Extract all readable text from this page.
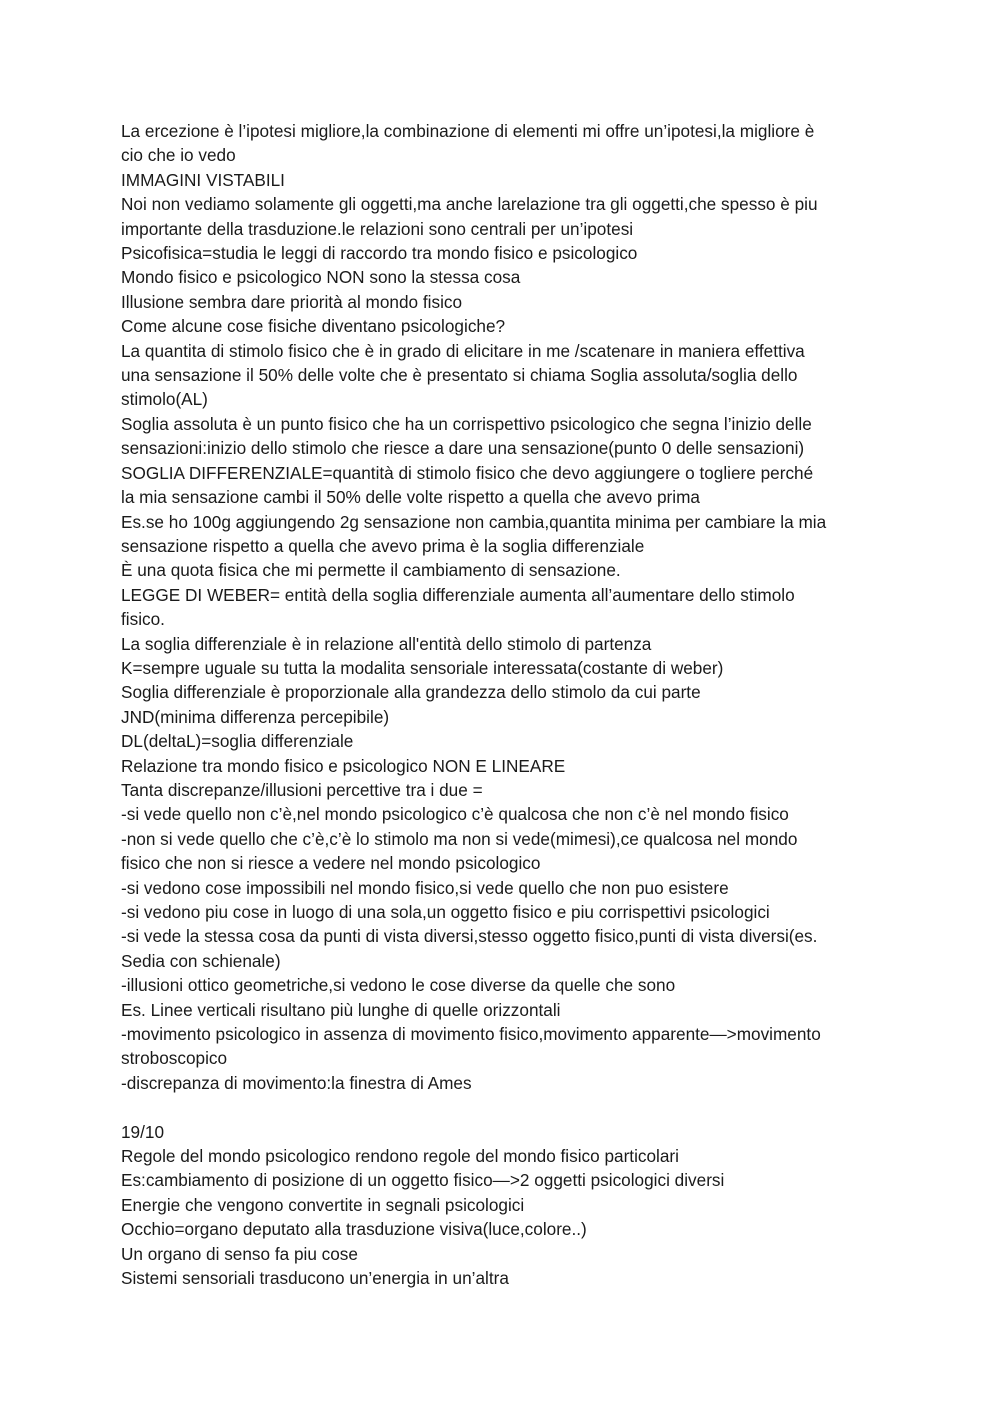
La ercezione è l’ipotesi migliore,la combinazione di elementi mi offre un’ipotesi,la migliore è
cio che io vedo
IMMAGINI VISTABILI
Noi non vediamo solamente gli oggetti,ma anche larelazione tra gli oggetti,che spesso è piu
importante della trasduzione.le relazioni sono centrali per un’ipotesi
Psicofisica=studia le leggi di raccordo tra mondo fisico e psicologico
Mondo fisico e psicologico NON sono la stessa cosa
Illusione sembra dare priorità al mondo fisico
Come alcune cose fisiche diventano psicologiche?
La quantita di stimolo fisico che è in grado di elicitare in me /scatenare in maniera effettiva
una sensazione il 50% delle volte che è presentato si chiama Soglia assoluta/soglia dello
stimolo(AL)
Soglia assoluta è un punto fisico che ha un corrispettivo psicologico che segna l’inizio delle
sensazioni:inizio dello stimolo che riesce a dare una sensazione(punto 0 delle sensazioni)
SOGLIA DIFFERENZIALE=quantità di stimolo fisico che devo aggiungere o togliere perché
la mia sensazione cambi il 50% delle volte rispetto a quella che avevo prima
Es.se ho 100g aggiungendo 2g sensazione non cambia,quantita minima per cambiare la mia
sensazione rispetto a quella che avevo prima è la soglia differenziale
È una quota fisica che mi permette il cambiamento di sensazione.
LEGGE DI WEBER= entità della soglia differenziale aumenta all’aumentare dello stimolo
fisico.
La soglia differenziale è in relazione all'entità dello stimolo di partenza
K=sempre uguale su tutta la modalita sensoriale interessata(costante di weber)
Soglia differenziale è proporzionale alla grandezza dello stimolo da cui parte
JND(minima differenza percepibile)
DL(deltaL)=soglia differenziale
Relazione tra mondo fisico e psicologico NON E LINEARE
Tanta discrepanze/illusioni percettive tra i due =
-si vede quello non c’è,nel mondo psicologico c’è qualcosa che non c’è nel mondo fisico
-non si vede quello che c’è,c’è lo stimolo ma non si vede(mimesi),ce qualcosa nel mondo
fisico che non si riesce a vedere nel mondo psicologico
-si vedono cose impossibili nel mondo fisico,si vede quello che non puo esistere
-si vedono piu cose in luogo di una sola,un oggetto fisico e piu corrispettivi psicologici
-si vede la stessa cosa da punti di vista diversi,stesso oggetto fisico,punti di vista diversi(es.
Sedia con schienale)
-illusioni ottico geometriche,si vedono le cose diverse da quelle che sono
Es. Linee verticali risultano più lunghe di quelle orizzontali
-movimento psicologico in assenza di movimento fisico,movimento apparente—>movimento
stroboscopico
-discrepanza di movimento:la finestra di Ames
19/10
Regole del mondo psicologico rendono regole del mondo fisico particolari
Es:cambiamento di posizione di un oggetto fisico—>2 oggetti psicologici diversi
Energie che vengono convertite in segnali psicologici
Occhio=organo deputato alla trasduzione visiva(luce,colore..)
Un organo di senso fa piu cose
Sistemi sensoriali trasducono un’energia in un’altra
